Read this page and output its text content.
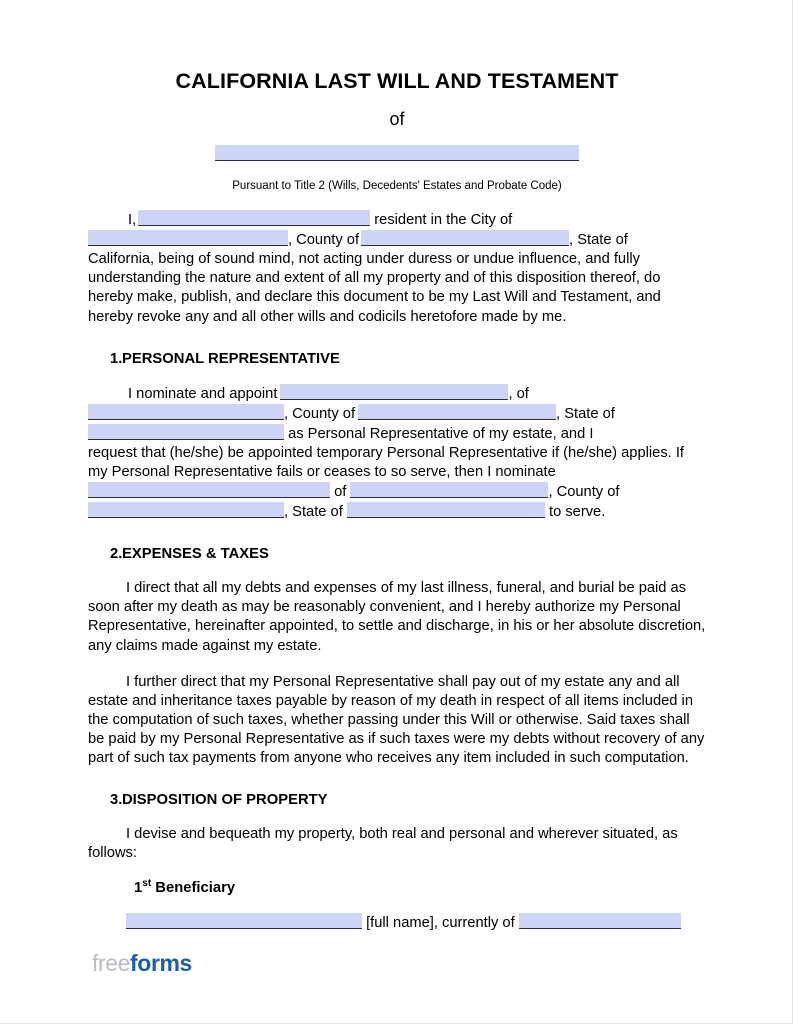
CALIFORNIA LAST WILL AND TESTAMENT
of
Pursuant to Title 2 (Wills, Decedents' Estates and Probate Code)
I,	resident in the City of
, County of	, State of
California, being of sound mind, not acting under duress or undue influence, and fully understanding the nature and extent of all my property and of this disposition thereof, do hereby make, publish, and declare this document to be my Last Will and Testament, and hereby revoke any and all other wills and codicils heretofore made by me.
1. PERSONAL REPRESENTATIVE
I nominate and appoint	, of
, County of	, State of
as Personal Representative of my estate, and I
request that (he/she) be appointed temporary Personal Representative if (he/she) applies. If my Personal Representative fails or ceases to so serve, then I nominate
of	, County of
, State of	to serve.
2. EXPENSES & TAXES

I direct that all my debts and expenses of my last illness, funeral, and burial be paid as soon after my death as may be reasonably convenient, and I hereby authorize my Personal Representative, hereinafter appointed, to settle and discharge, in his or her absolute discretion, any claims made against my estate.

I further direct that my Personal Representative shall pay out of my estate any and all estate and inheritance taxes payable by reason of my death in respect of all items included in the computation of such taxes, whether passing under this Will or otherwise. Said taxes shall be paid by my Personal Representative as if such taxes were my debts without recovery of any part of such tax payments from anyone who receives any item included in such computation.

3. DISPOSITION OF PROPERTY

I devise and bequeath my property, both real and personal and wherever situated, as follows:

1st Beneficiary
[full name], currently of
freeforms
